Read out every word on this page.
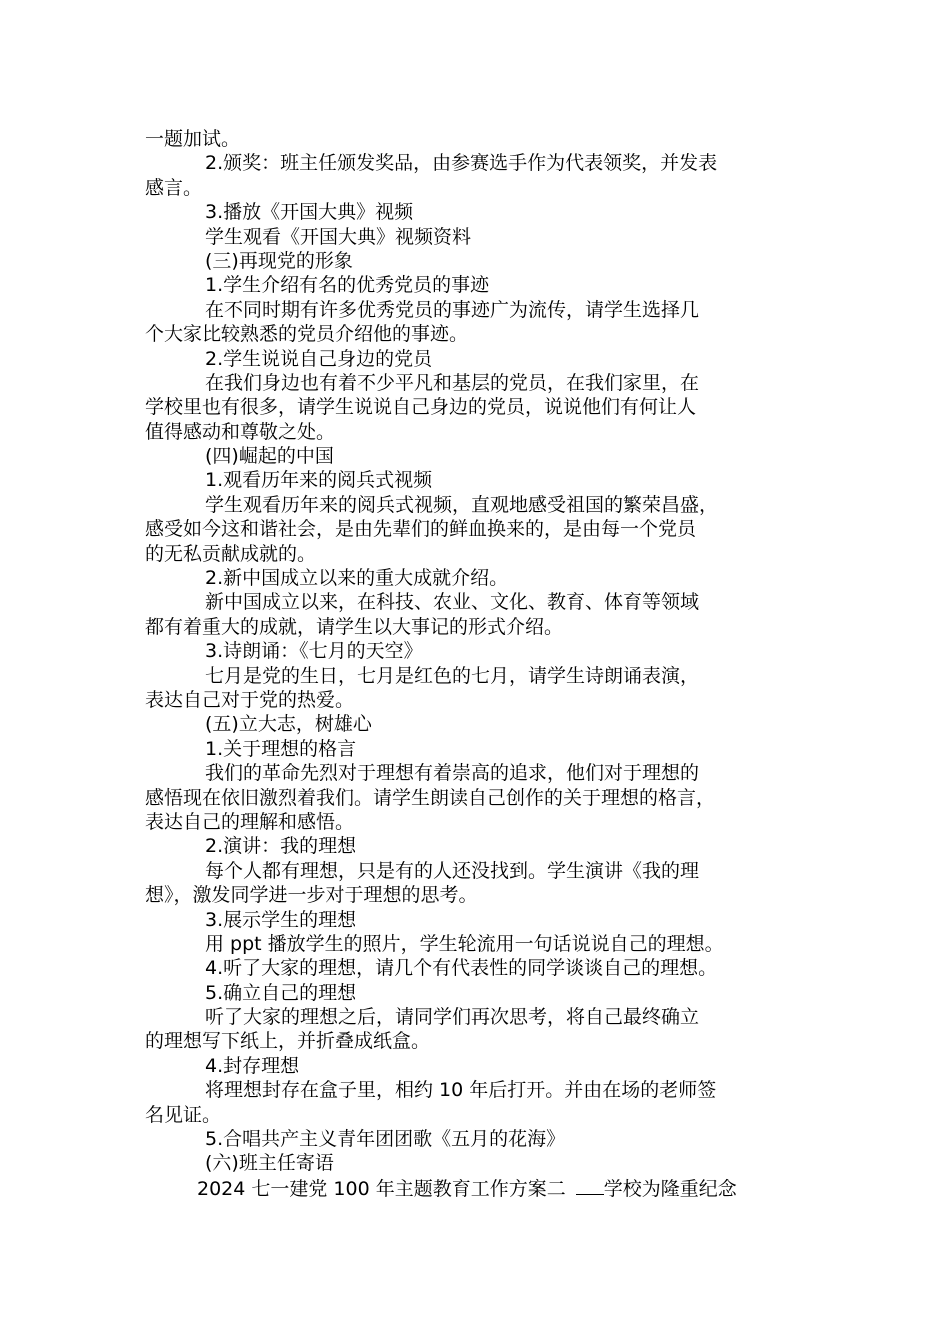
一题加试。
2.颁奖：班主任颁发奖品，由参赛选手作为代表领奖，并发表
感言。
3.播放《开国大典》视频
学生观看《开国大典》视频资料
(三)再现党的形象
1.学生介绍有名的优秀党员的事迹
在不同时期有许多优秀党员的事迹广为流传，请学生选择几
个大家比较熟悉的党员介绍他的事迹。
2.学生说说自己身边的党员
在我们身边也有着不少平凡和基层的党员，在我们家里，在
学校里也有很多，请学生说说自己身边的党员，说说他们有何让人
值得感动和尊敬之处。
(四)崛起的中国
1.观看历年来的阅兵式视频
学生观看历年来的阅兵式视频，直观地感受祖国的繁荣昌盛，
感受如今这和谐社会，是由先辈们的鲜血换来的，是由每一个党员
的无私贡献成就的。
2.新中国成立以来的重大成就介绍。
新中国成立以来，在科技、农业、文化、教育、体育等领域
都有着重大的成就，请学生以大事记的形式介绍。
3.诗朗诵：《七月的天空》
七月是党的生日，七月是红色的七月，请学生诗朗诵表演，
表达自己对于党的热爱。
(五)立大志，树雄心
1.关于理想的格言
我们的革命先烈对于理想有着崇高的追求，他们对于理想的
感悟现在依旧激烈着我们。请学生朗读自己创作的关于理想的格言，
表达自己的理解和感悟。
2.演讲：我的理想
每个人都有理想，只是有的人还没找到。学生演讲《我的理
想》，激发同学进一步对于理想的思考。
3.展示学生的理想
用 ppt 播放学生的照片，学生轮流用一句话说说自己的理想。
4.听了大家的理想，请几个有代表性的同学谈谈自己的理想。
5.确立自己的理想
听了大家的理想之后，请同学们再次思考，将自己最终确立
的理想写下纸上，并折叠成纸盒。
4.封存理想
将理想封存在盒子里，相约 10 年后打开。并由在场的老师签
名见证。
5.合唱共产主义青年团团歌《五月的花海》
(六)班主任寄语
2024 七一建党 100 年主题教育工作方案二 学校为隆重纪念
